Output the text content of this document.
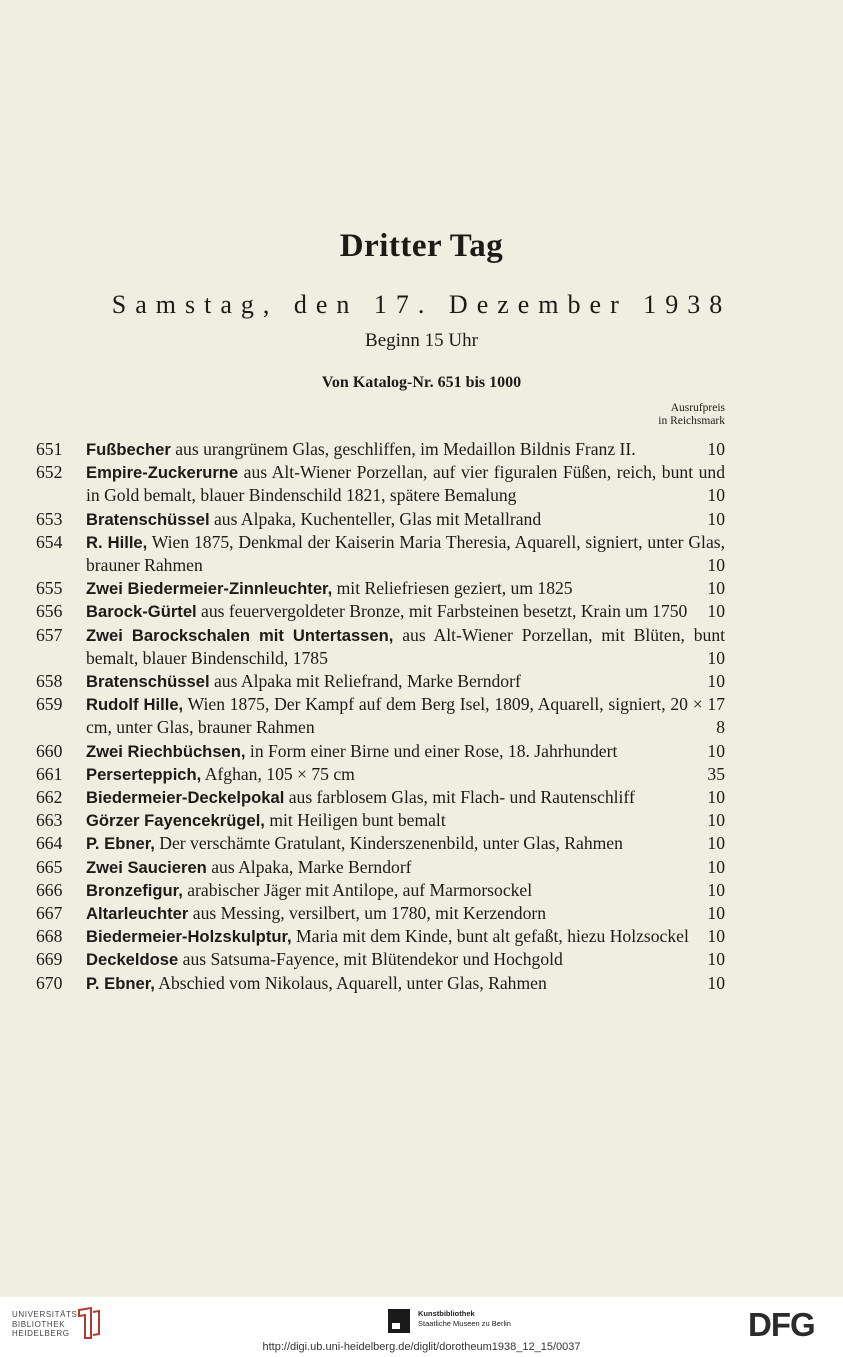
Dritter Tag
Samstag, den 17. Dezember 1938
Beginn 15 Uhr
Von Katalog-Nr. 651 bis 1000
Ausrufpreis
in Reichsmark
651	Fußbecher aus urangrünem Glas, geschliffen, im Medaillon Bildnis Franz II.	10
652	Empire-Zuckerurne aus Alt-Wiener Porzellan, auf vier figuralen Füßen, reich, bunt und in Gold bemalt, blauer Bindenschild 1821, spätere Bemalung	10
653	Bratenschüssel aus Alpaka, Kuchenteller, Glas mit Metallrand	10
654	R. Hille, Wien 1875, Denkmal der Kaiserin Maria Theresia, Aquarell, signiert, unter Glas, brauner Rahmen	10
655	Zwei Biedermeier-Zinnleuchter, mit Reliefriesen geziert, um 1825	10
656	Barock-Gürtel aus feuervergoldeter Bronze, mit Farbsteinen besetzt, Krain um 1750	10
657	Zwei Barockschalen mit Untertassen, aus Alt-Wiener Porzellan, mit Blüten, bunt bemalt, blauer Bindenschild, 1785	10
658	Bratenschüssel aus Alpaka mit Reliefrand, Marke Berndorf	10
659	Rudolf Hille, Wien 1875, Der Kampf auf dem Berg Isel, 1809, Aquarell, signiert, 20 × 17 cm, unter Glas, brauner Rahmen	8
660	Zwei Riechbüchsen, in Form einer Birne und einer Rose, 18. Jahrhundert	10
661	Perserteppich, Afghan, 105 × 75 cm	35
662	Biedermeier-Deckelpokal aus farblosem Glas, mit Flach- und Rautenschliff	10
663	Görzer Fayencekrügel, mit Heiligen bunt bemalt	10
664	P. Ebner, Der verschämte Gratulant, Kinderszenenbild, unter Glas, Rahmen	10
665	Zwei Saucieren aus Alpaka, Marke Berndorf	10
666	Bronzefigur, arabischer Jäger mit Antilope, auf Marmorsockel	10
667	Altarleuchter aus Messing, versilbert, um 1780, mit Kerzendorn	10
668	Biedermeier-Holzskulptur, Maria mit dem Kinde, bunt alt gefaßt, hiezu Holzsockel	10
669	Deckeldose aus Satsuma-Fayence, mit Blütendekor und Hochgold	10
670	P. Ebner, Abschied vom Nikolaus, Aquarell, unter Glas, Rahmen	10
UNIVERSITÄTS-
BIBLIOTHEK
HEIDELBERG
Kunstbibliothek
Staatliche Museen zu Berlin	DFG
http://digi.ub.uni-heidelberg.de/diglit/dorotheum1938_12_15/0037
